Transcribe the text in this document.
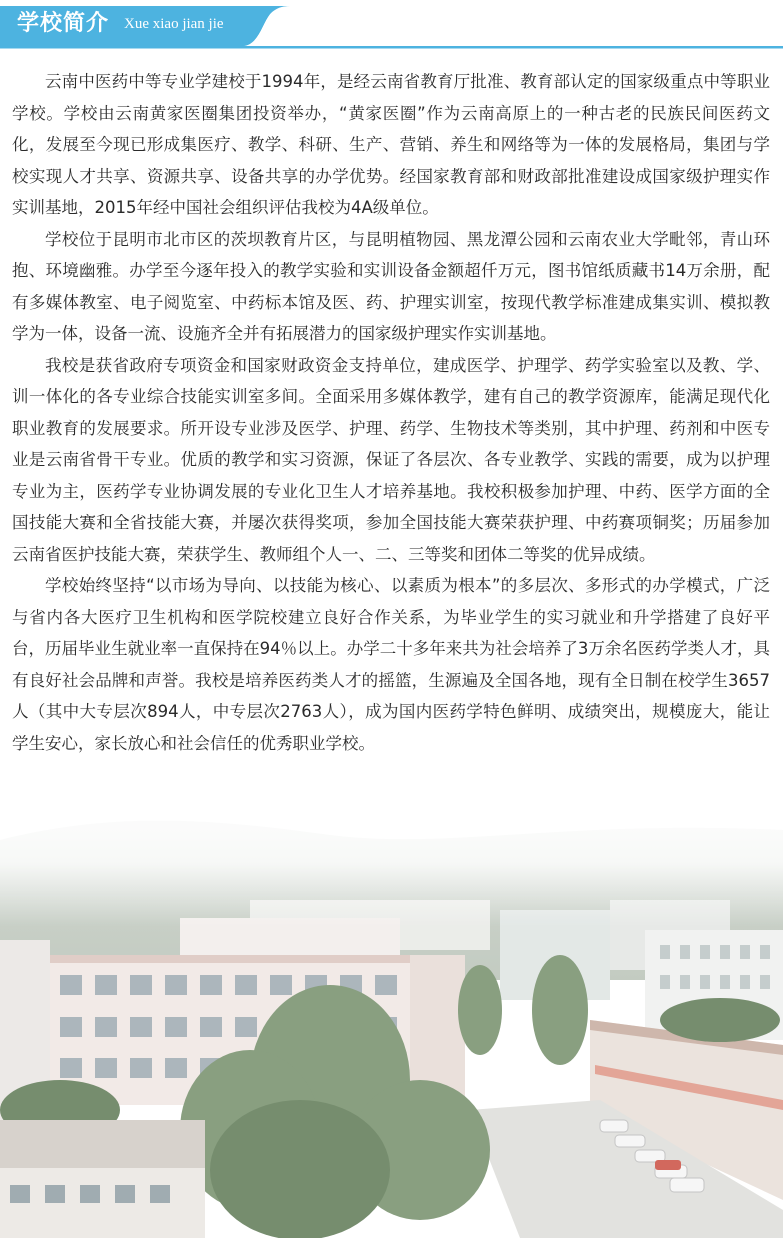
学校简介 Xue xiao jian jie

云南中医药中等专业学建校于1994年，是经云南省教育厅批准、教育部认定的国家级重点中等职业学校。学校由云南黄家医圈集团投资举办，“黄家医圈”作为云南高原上的一种古老的民族民间医药文化，发展至今现已形成集医疗、教学、科研、生产、营销、养生和网络等为一体的发展格局，集团与学校实现人才共享、资源共享、设备共享的办学优势。经国家教育部和财政部批准建设成国家级护理实作实训基地，2015年经中国社会组织评估我校为4A级单位。

学校位于昆明市北市区的茨坝教育片区，与昆明植物园、黑龙潭公园和云南农业大学毗邻，青山环抱、环境幽雅。办学至今逐年投入的教学实验和实训设备金额超仟万元，图书馆纸质藏书14万余册，配有多媒体教室、电子阅览室、中药标本馆及医、药、护理实训室，按现代教学标准建成集实训、模拟教学为一体，设备一流、设施齐全并有拓展潜力的国家级护理实作实训基地。

我校是获省政府专项资金和国家财政资金支持单位，建成医学、护理学、药学实验室以及教、学、训一体化的各专业综合技能实训室多间。全面采用多媒体教学，建有自己的教学资源库，能满足现代化职业教育的发展要求。所开设专业涉及医学、护理、药学、生物技术等类别，其中护理、药剂和中医专业是云南省骨干专业。优质的教学和实习资源，保证了各层次、各专业教学、实践的需要，成为以护理专业为主，医药学专业协调发展的专业化卫生人才培养基地。我校积极参加护理、中药、医学方面的全国技能大赛和全省技能大赛，并屡次获得奖项，参加全国技能大赛荣获护理、中药赛项铜奖；历届参加云南省医护技能大赛，荣获学生、教师组个人一、二、三等奖和团体二等奖的优异成绩。

学校始终坚持“以市场为导向、以技能为核心、以素质为根本”的多层次、多形式的办学模式，广泛与省内各大医疗卫生机构和医学院校建立良好合作关系，为毕业学生的实习就业和升学搭建了良好平台，历届毕业生就业率一直保持在94％以上。办学二十多年来共为社会培养了3万余名医药学类人才，具有良好社会品牌和声誉。我校是培养医药类人才的摇篮，生源遍及全国各地，现有全日制在校学生3657人（其中大专层次894人，中专层次2763人），成为国内医药学特色鲜明、成绩突出，规模庞大，能让学生安心，家长放心和社会信任的优秀职业学校。
